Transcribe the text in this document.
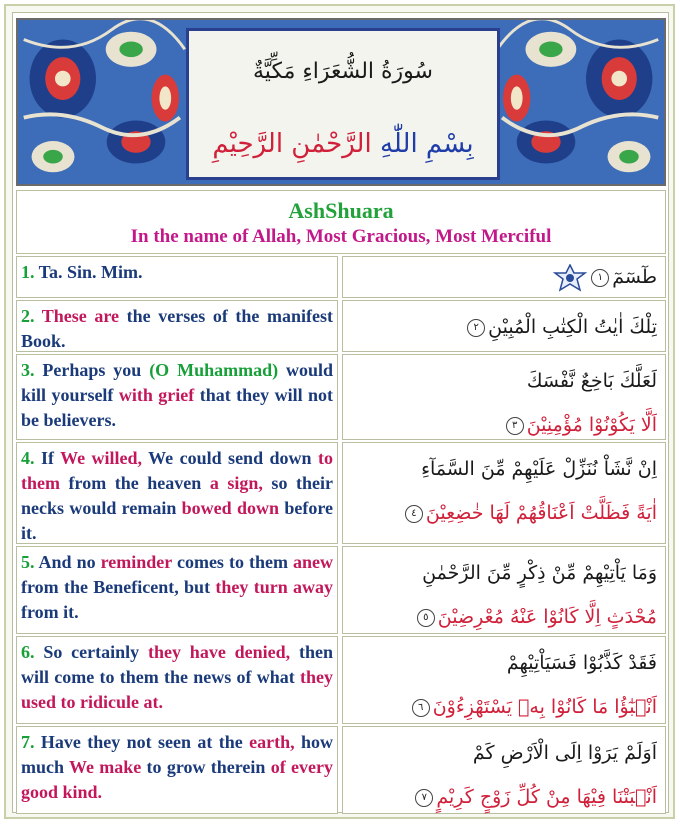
سُورَةُ الشُّعَرَاءِ مَكِّيَّةٌ
بِسْمِ اللّٰهِ الرَّحْمٰنِ الرَّحِيْمِ
AshShuara
In the name of Allah, Most Gracious, Most Merciful
1. Ta. Sin. Mim.	طٓسٓمٓ١
2. These are the verses of the manifest Book.
تِلْكَ اٰيٰتُ الْكِتٰبِ الْمُبِيْنِ٢
3. Perhaps you (O Muhammad) would kill yourself with grief that they will not be believers.
لَعَلَّكَ بَاخِعٌ نَّفْسَكَ
اَلَّا يَكُوْنُوْا مُؤْمِنِيْنَ٣
4. If We willed, We could send down to them from the heaven a sign, so their necks would remain bowed down before it.
اِنْ نَّشَاْ نُنَزِّلْ عَلَيْهِمْ مِّنَ السَّمَآءِ
اٰيَةً فَظَلَّتْ اَعْنَاقُهُمْ لَهَا خٰضِعِيْنَ٤
5. And no reminder comes to them anew from the Beneficent, but they turn away from it.
وَمَا يَاْتِيْهِمْ مِّنْ ذِكْرٍ مِّنَ الرَّحْمٰنِ
مُحْدَثٍ اِلَّا كَانُوْا عَنْهُ مُعْرِضِيْنَ٥
6. So certainly they have denied, then will come to them the news of what they used to ridicule at.
فَقَدْ كَذَّبُوْا فَسَيَاْتِيْهِمْ
اَنْۢبٰٓؤُا مَا كَانُوْا بِهٖ يَسْتَهْزِءُوْنَ٦
7. Have they not seen at the earth, how much We make to grow therein of every good kind.
اَوَلَمْ يَرَوْا اِلَى الْاَرْضِ كَمْ
اَنْۢبَتْنَا فِيْهَا مِنْ كُلِّ زَوْجٍ كَرِيْمٍ٧
